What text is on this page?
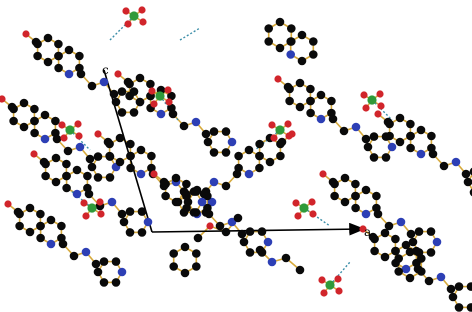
c
a
